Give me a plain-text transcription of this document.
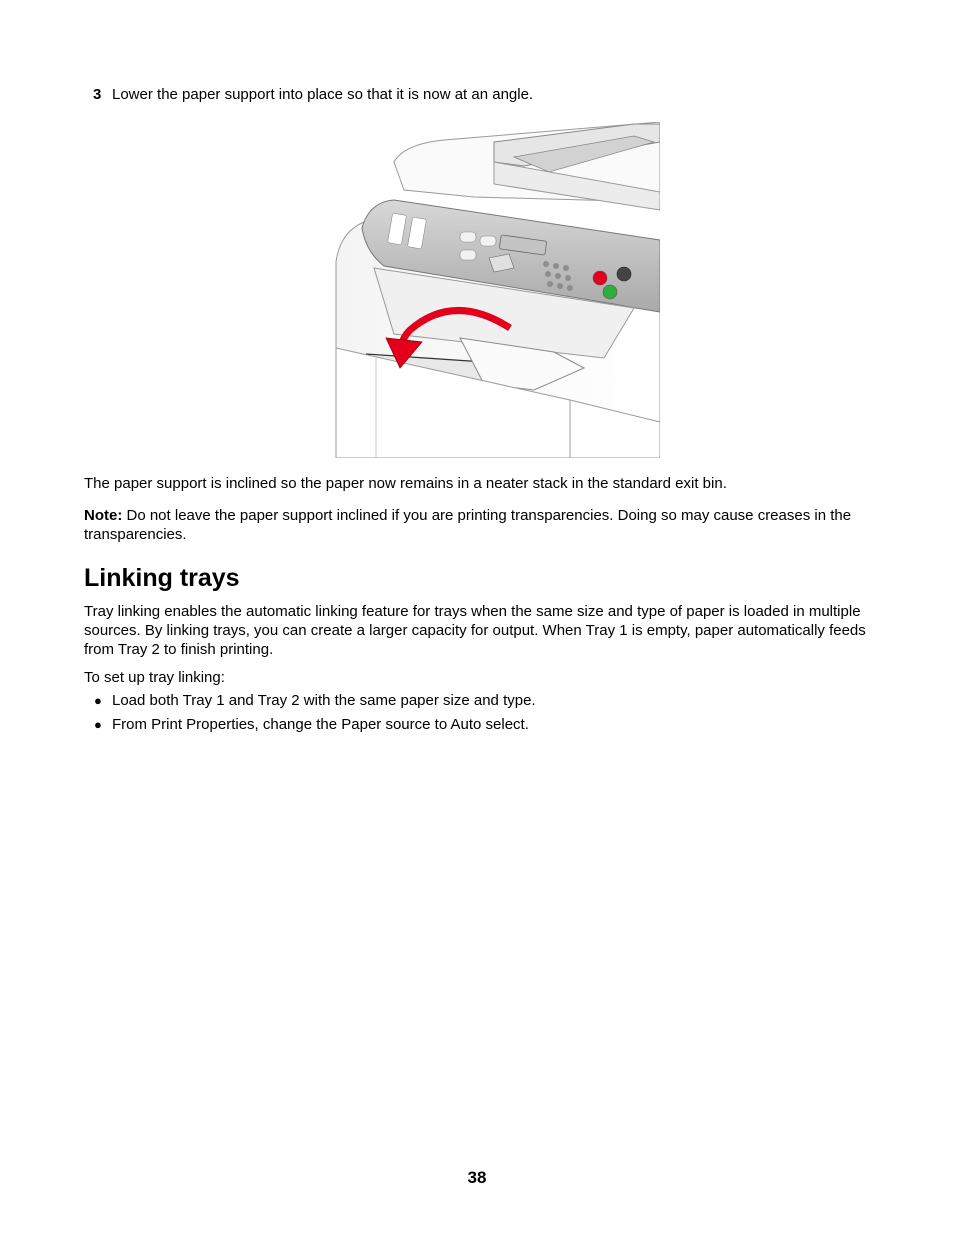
3 Lower the paper support into place so that it is now at an angle.
The paper support is inclined so the paper now remains in a neater stack in the standard exit bin.
Note: Do not leave the paper support inclined if you are printing transparencies. Doing so may cause creases in the transparencies.
Linking trays
Tray linking enables the automatic linking feature for trays when the same size and type of paper is loaded in multiple sources. By linking trays, you can create a larger capacity for output. When Tray 1 is empty, paper automatically feeds from Tray 2 to finish printing.
To set up tray linking:
● Load both Tray 1 and Tray 2 with the same paper size and type.
● From Print Properties, change the Paper source to Auto select.
38
